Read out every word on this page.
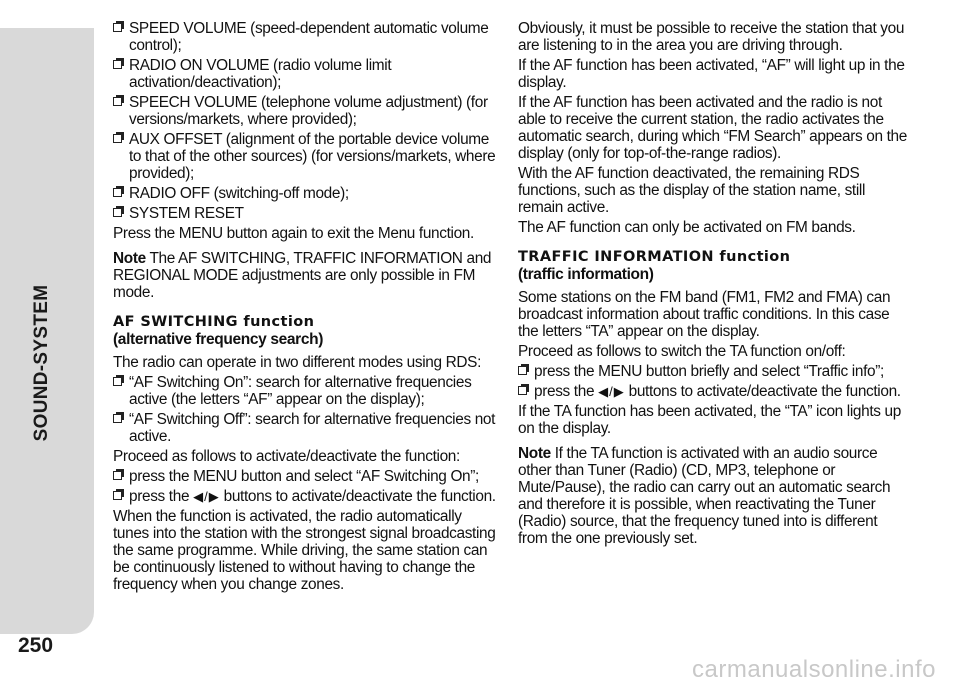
SOUND-SYSTEM
250
SPEED VOLUME (speed-dependent automatic volume control);
RADIO ON VOLUME (radio volume limit activation/deactivation);
SPEECH VOLUME (telephone volume adjustment) (for versions/markets, where provided);
AUX OFFSET (alignment of the portable device volume to that of the other sources) (for versions/markets, where provided);
RADIO OFF (switching-off mode);
SYSTEM RESET

Press the MENU button again to exit the Menu function.

Note The AF SWITCHING, TRAFFIC INFORMATION and REGIONAL MODE adjustments are only possible in FM mode.

AF SWITCHING function
(alternative frequency search)

The radio can operate in two different modes using RDS:

“AF Switching On”: search for alternative frequencies active (the letters “AF” appear on the display);
“AF Switching Off”: search for alternative frequencies not active.

Proceed as follows to activate/deactivate the function:

press the MENU button and select “AF Switching On”;
press the ◀/▶ buttons to activate/deactivate the function.

When the function is activated, the radio automatically tunes into the station with the strongest signal broadcasting the same programme. While driving, the same station can be continuously listened to without having to change the frequency when you change zones.

Obviously, it must be possible to receive the station that you are listening to in the area you are driving through.

If the AF function has been activated, “AF” will light up in the display.

If the AF function has been activated and the radio is not able to receive the current station, the radio activates the automatic search, during which “FM Search” appears on the display (only for top-of-the-range radios).

With the AF function deactivated, the remaining RDS functions, such as the display of the station name, still remain active.

The AF function can only be activated on FM bands.

TRAFFIC INFORMATION function
(traffic information)

Some stations on the FM band (FM1, FM2 and FMA) can broadcast information about traffic conditions. In this case the letters “TA” appear on the display.

Proceed as follows to switch the TA function on/off:

press the MENU button briefly and select “Traffic info”;
press the ◀/▶ buttons to activate/deactivate the function.

If the TA function has been activated, the “TA” icon lights up on the display.

Note If the TA function is activated with an audio source other than Tuner (Radio) (CD, MP3, telephone or Mute/Pause), the radio can carry out an automatic search and therefore it is possible, when reactivating the Tuner (Radio) source, that the frequency tuned into is different from the one previously set.

carmanualsonline.info
